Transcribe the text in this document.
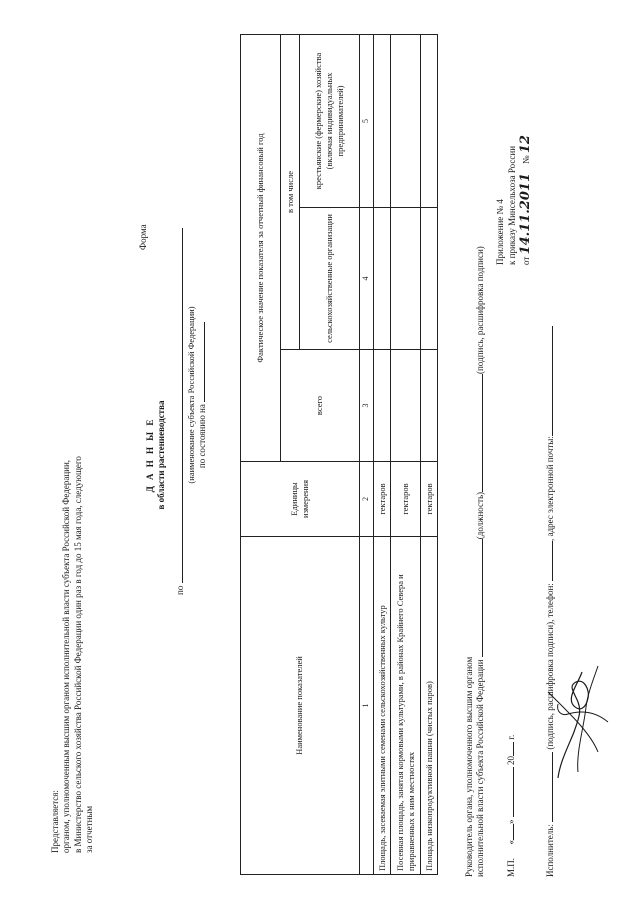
Представляется: органом, уполномоченным высшим органом исполнительной власти субъекта Российской Федерации, в Министерство сельского хозяйства Российской Федерации один раз в год до 15 мая года, следующего за отчетным
Приложение № 4 к приказу Минсельхоза России от 14.11.2011    № 12
Форма
Д А Н Н Ы Е в области растениеводства
по
(наименование субъекта Российской Федерации) по состоянию на
Наименование показателей	Единицы измерения	Фактическое значение показателя за отчетный финансовый год		
		всего	в том числе	
			сельскохозяйственные организации	крестьянские (фермерские) хозяйства (включая индивидуальных предпринимателей)
1	2	3	4	5
Площадь, засеваемая элитными семенами сельскохозяйственных культур	гектаров			
Посевная площадь, занятая кормовыми культурами, в районах Крайнего Севера и приравненных к ним местностях	гектаров			
Площадь низкопродуктивной пашни (чистых паров)	гектаров			
Руководитель органа, уполномоченного высшим органом исполнительной власти субъекта Российской Федерации (должность)(подпись, расшифровка подписи)
М.П.      «»  20 г.
Исполнитель:  (подпись, расшифровка подписи), телефон: , адрес электронной почты:
